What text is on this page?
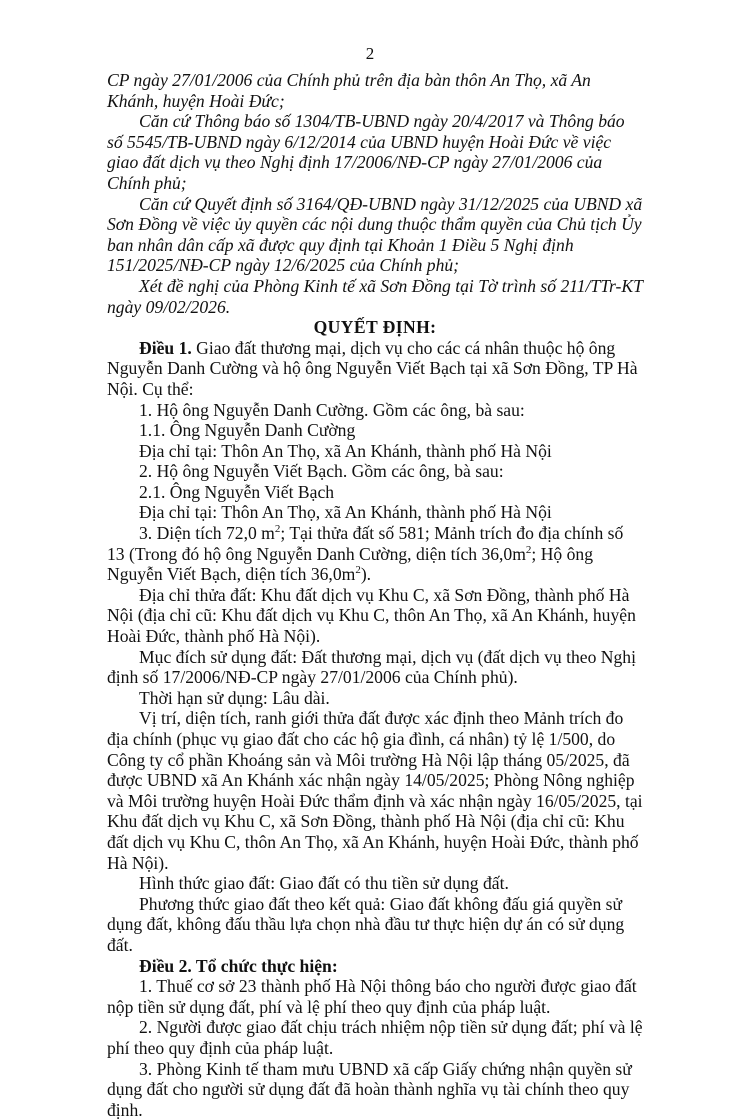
2

CP ngày 27/01/2006 của Chính phủ trên địa bàn thôn An Thọ, xã An Khánh, huyện Hoài Đức;

Căn cứ Thông báo số 1304/TB-UBND ngày 20/4/2017 và Thông báo số 5545/TB-UBND ngày 6/12/2014 của UBND huyện Hoài Đức về việc giao đất dịch vụ theo Nghị định 17/2006/NĐ-CP ngày 27/01/2006 của Chính phủ;

Căn cứ Quyết định số 3164/QĐ-UBND ngày 31/12/2025 của UBND xã Sơn Đồng về việc ủy quyền các nội dung thuộc thẩm quyền của Chủ tịch Ủy ban nhân dân cấp xã được quy định tại Khoản 1 Điều 5 Nghị định 151/2025/NĐ-CP ngày 12/6/2025 của Chính phủ;

Xét đề nghị của Phòng Kinh tế xã Sơn Đồng tại Tờ trình số 211/TTr-KT ngày 09/02/2026.

QUYẾT ĐỊNH:

Điều 1. Giao đất thương mại, dịch vụ cho các cá nhân thuộc hộ ông Nguyễn Danh Cường và hộ ông Nguyễn Viết Bạch tại xã Sơn Đồng, TP Hà Nội. Cụ thể:

1. Hộ ông Nguyễn Danh Cường. Gồm các ông, bà sau:

1.1. Ông Nguyễn Danh Cường

Địa chỉ tại: Thôn An Thọ, xã An Khánh, thành phố Hà Nội

2. Hộ ông Nguyễn Viết Bạch. Gồm các ông, bà sau:

2.1. Ông Nguyễn Viết Bạch

Địa chỉ tại: Thôn An Thọ, xã An Khánh, thành phố Hà Nội

3. Diện tích 72,0 $m^2$; Tại thửa đất số 581; Mảnh trích đo địa chính số 13 (Trong đó hộ ông Nguyễn Danh Cường, diện tích $36,0m^2$; Hộ ông Nguyễn Viết Bạch, diện tích $36,0m^2$).

Địa chỉ thửa đất: Khu đất dịch vụ Khu C, xã Sơn Đồng, thành phố Hà Nội (địa chỉ cũ: Khu đất dịch vụ Khu C, thôn An Thọ, xã An Khánh, huyện Hoài Đức, thành phố Hà Nội).

Mục đích sử dụng đất: Đất thương mại, dịch vụ (đất dịch vụ theo Nghị định số 17/2006/NĐ-CP ngày 27/01/2006 của Chính phủ).

Thời hạn sử dụng: Lâu dài.

Vị trí, diện tích, ranh giới thửa đất được xác định theo Mảnh trích đo địa chính (phục vụ giao đất cho các hộ gia đình, cá nhân) tỷ lệ 1/500, do Công ty cổ phần Khoáng sản và Môi trường Hà Nội lập tháng 05/2025, đã được UBND xã An Khánh xác nhận ngày 14/05/2025; Phòng Nông nghiệp và Môi trường huyện Hoài Đức thẩm định và xác nhận ngày 16/05/2025, tại Khu đất dịch vụ Khu C, xã Sơn Đồng, thành phố Hà Nội (địa chỉ cũ: Khu đất dịch vụ Khu C, thôn An Thọ, xã An Khánh, huyện Hoài Đức, thành phố Hà Nội).

Hình thức giao đất: Giao đất có thu tiền sử dụng đất.

Phương thức giao đất theo kết quả: Giao đất không đấu giá quyền sử dụng đất, không đấu thầu lựa chọn nhà đầu tư thực hiện dự án có sử dụng đất.

Điều 2. Tổ chức thực hiện:

1. Thuế cơ sở 23 thành phố Hà Nội thông báo cho người được giao đất nộp tiền sử dụng đất, phí và lệ phí theo quy định của pháp luật.

2. Người được giao đất chịu trách nhiệm nộp tiền sử dụng đất; phí và lệ phí theo quy định của pháp luật.

3. Phòng Kinh tế tham mưu UBND xã cấp Giấy chứng nhận quyền sử dụng đất cho người sử dụng đất đã hoàn thành nghĩa vụ tài chính theo quy định.
